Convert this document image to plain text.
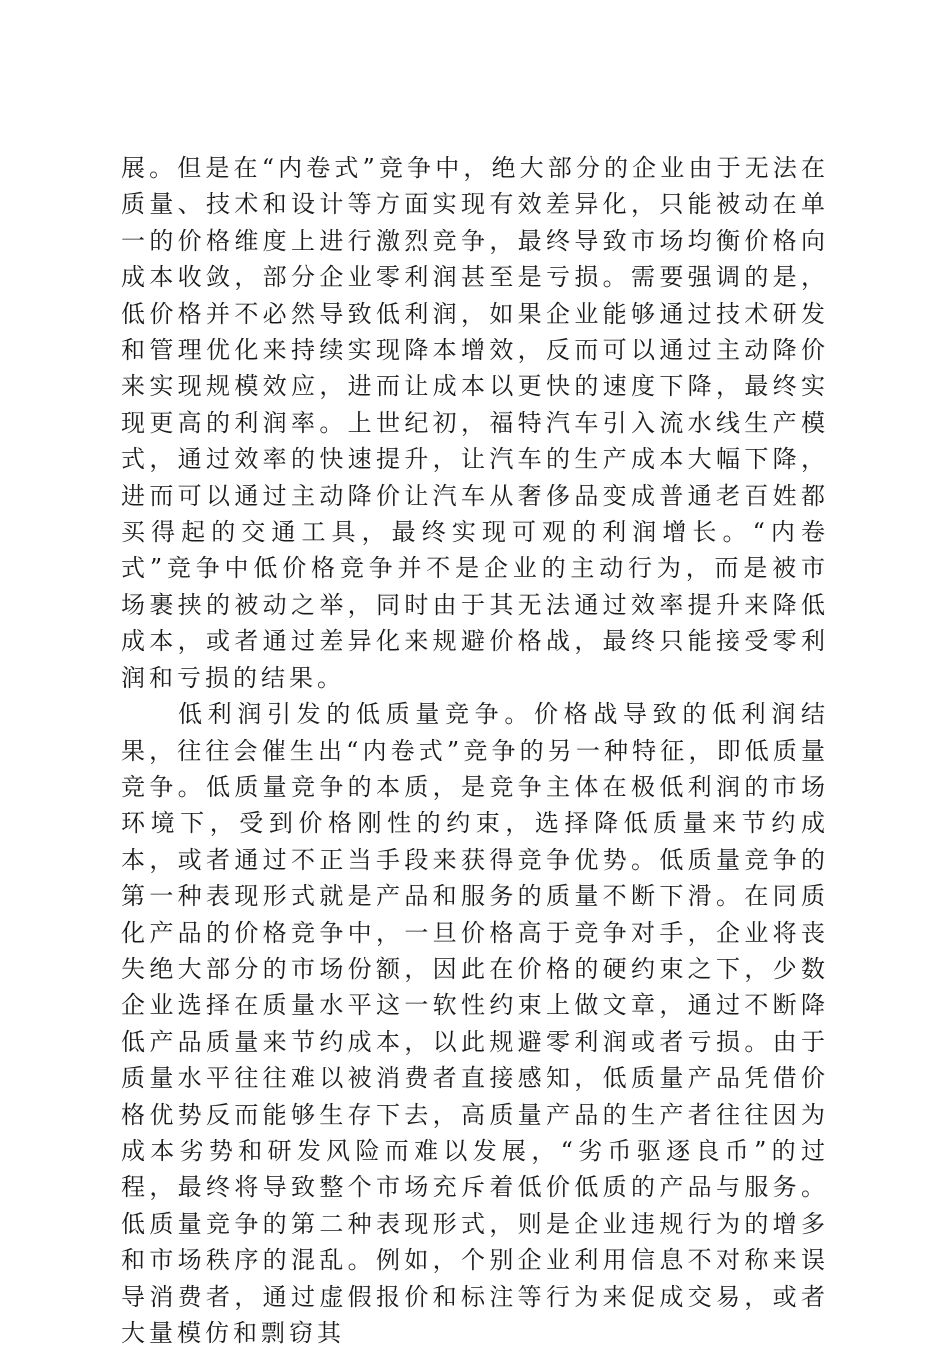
展。但是在“内卷式”竞争中，绝大部分的企业由于无法在质量、技术和设计等方面实现有效差异化，只能被动在单一的价格维度上进行激烈竞争，最终导致市场均衡价格向成本收敛，部分企业零利润甚至是亏损。需要强调的是，低价格并不必然导致低利润，如果企业能够通过技术研发和管理优化来持续实现降本增效，反而可以通过主动降价来实现规模效应，进而让成本以更快的速度下降，最终实现更高的利润率。上世纪初，福特汽车引入流水线生产模式，通过效率的快速提升，让汽车的生产成本大幅下降，进而可以通过主动降价让汽车从奢侈品变成普通老百姓都买得起的交通工具，最终实现可观的利润增长。“内卷式”竞争中低价格竞争并不是企业的主动行为，而是被市场裹挟的被动之举，同时由于其无法通过效率提升来降低成本，或者通过差异化来规避价格战，最终只能接受零利润和亏损的结果。

低利润引发的低质量竞争。价格战导致的低利润结果，往往会催生出“内卷式”竞争的另一种特征，即低质量竞争。低质量竞争的本质，是竞争主体在极低利润的市场环境下，受到价格刚性的约束，选择降低质量来节约成本，或者通过不正当手段来获得竞争优势。低质量竞争的第一种表现形式就是产品和服务的质量不断下滑。在同质化产品的价格竞争中，一旦价格高于竞争对手，企业将丧失绝大部分的市场份额，因此在价格的硬约束之下，少数企业选择在质量水平这一软性约束上做文章，通过不断降低产品质量来节约成本，以此规避零利润或者亏损。由于质量水平往往难以被消费者直接感知，低质量产品凭借价格优势反而能够生存下去，高质量产品的生产者往往因为成本劣势和研发风险而难以发展，“劣币驱逐良币”的过程，最终将导致整个市场充斥着低价低质的产品与服务。低质量竞争的第二种表现形式，则是企业违规行为的增多和市场秩序的混乱。例如，个别企业利用信息不对称来误导消费者，通过虚假报价和标注等行为来促成交易，或者大量模仿和剽窃其
